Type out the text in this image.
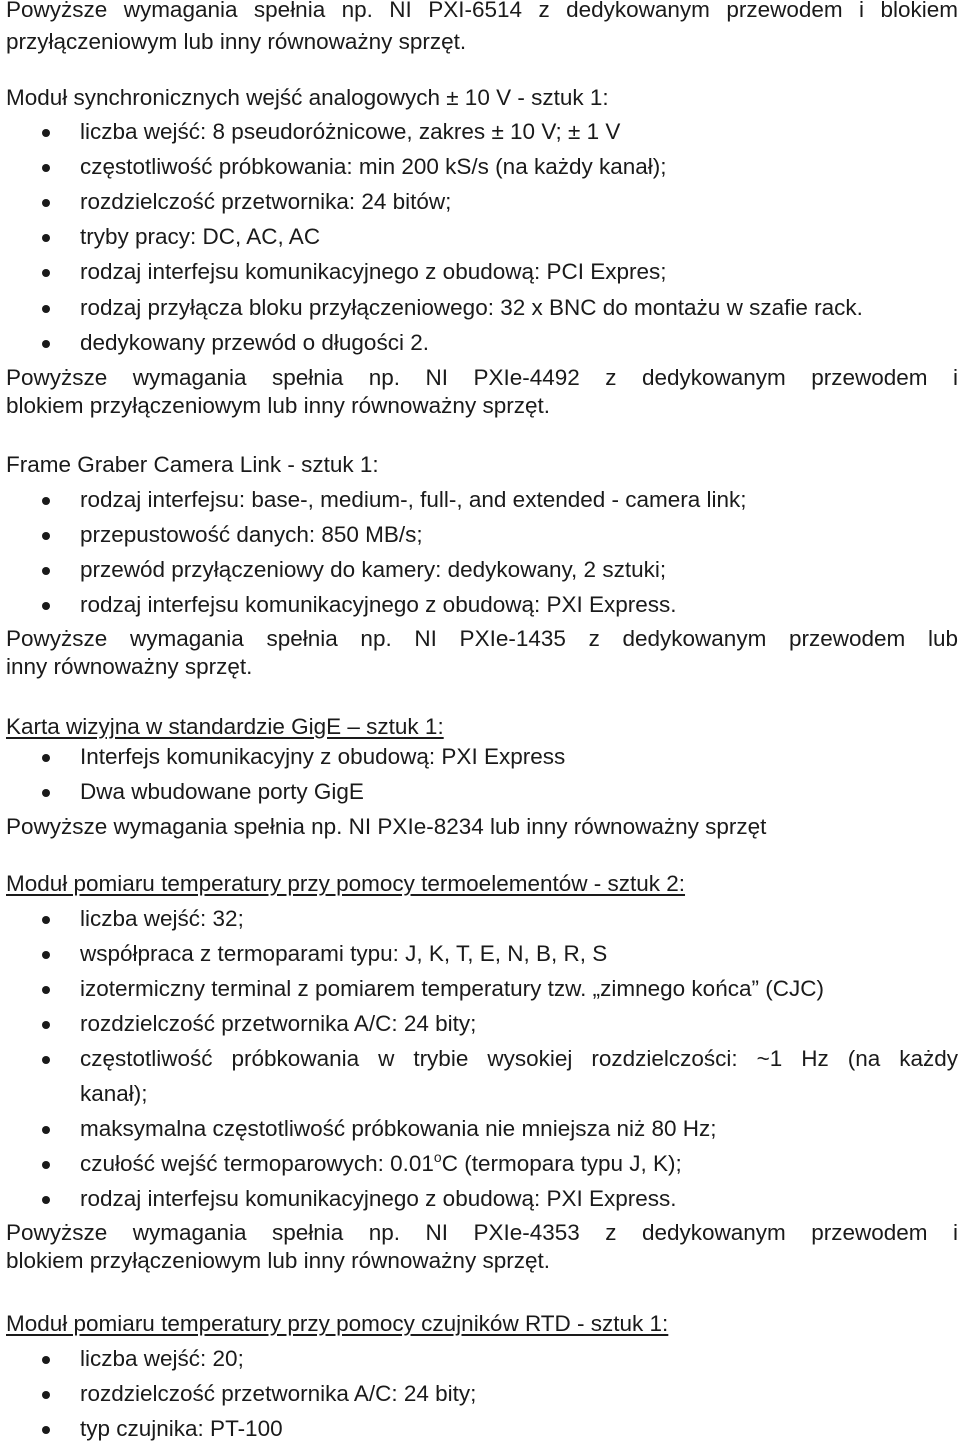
Powyższe wymagania spełnia np. NI PXI-6514 z dedykowanym przewodem i blokiem
przyłączeniowym lub inny równoważny sprzęt.
Moduł synchronicznych wejść analogowych ± 10 V - sztuk 1:
liczba wejść: 8 pseudoróżnicowe, zakres ± 10 V; ± 1 V
częstotliwość próbkowania: min 200 kS/s (na każdy kanał);
rozdzielczość przetwornika: 24 bitów;
tryby pracy: DC, AC, AC
rodzaj interfejsu komunikacyjnego z obudową: PCI Expres;
rodzaj przyłącza bloku przyłączeniowego: 32 x BNC do montażu w szafie rack.
dedykowany przewód o długości 2.
Powyższe wymagania spełnia np. NI PXIe-4492 z dedykowanym przewodem i
blokiem przyłączeniowym lub inny równoważny sprzęt.
Frame Graber Camera Link - sztuk 1:
rodzaj interfejsu: base-, medium-, full-, and extended - camera link;
przepustowość danych: 850 MB/s;
przewód przyłączeniowy do kamery: dedykowany, 2 sztuki;
rodzaj interfejsu komunikacyjnego z obudową: PXI Express.
Powyższe wymagania spełnia np. NI PXIe-1435 z dedykowanym przewodem lub
inny równoważny sprzęt.
Karta wizyjna w standardzie GigE – sztuk 1:
Interfejs komunikacyjny z obudową: PXI Express
Dwa wbudowane porty GigE
Powyższe wymagania spełnia np. NI PXIe-8234 lub inny równoważny sprzęt
Moduł pomiaru temperatury przy pomocy termoelementów - sztuk 2:
liczba wejść: 32;
współpraca z termoparami typu: J, K, T, E, N, B, R, S
izotermiczny terminal z pomiarem temperatury tzw. „zimnego końca” (CJC)
rozdzielczość przetwornika A/C: 24 bity;
częstotliwość próbkowania w trybie wysokiej rozdzielczości: ~1 Hz (na każdy
kanał);
maksymalna częstotliwość próbkowania nie mniejsza niż 80 Hz;
czułość wejść termoparowych: 0.01$^o$C (termopara typu J, K);
rodzaj interfejsu komunikacyjnego z obudową: PXI Express.
Powyższe wymagania spełnia np. NI PXIe-4353 z dedykowanym przewodem i
blokiem przyłączeniowym lub inny równoważny sprzęt.
Moduł pomiaru temperatury przy pomocy czujników RTD - sztuk 1:
liczba wejść: 20;
rozdzielczość przetwornika A/C: 24 bity;
typ czujnika: PT-100
